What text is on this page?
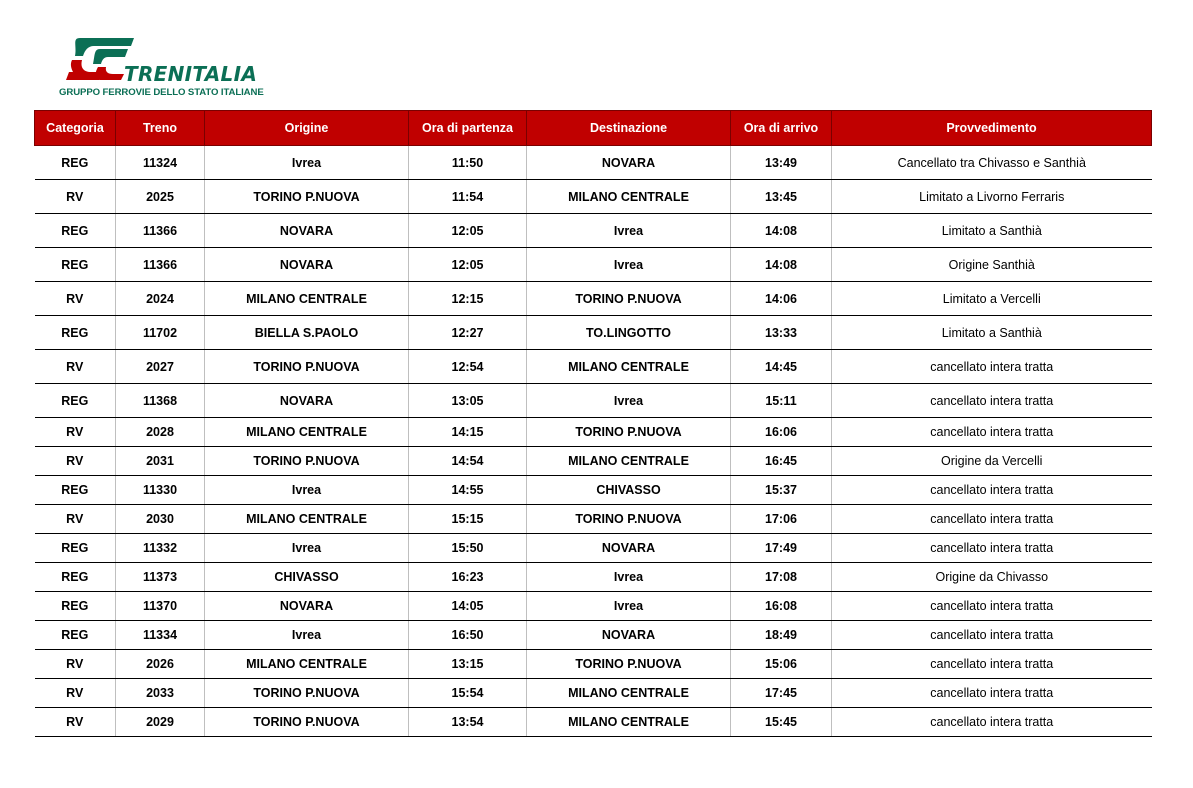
TRENITALIA
GRUPPO FERROVIE DELLO STATO ITALIANE
Categoria	Treno	Origine	Ora di partenza	Destinazione	Ora di arrivo	Provvedimento
REG	11324	Ivrea	11:50	NOVARA	13:49	Cancellato tra Chivasso e Santhià
RV	2025	TORINO P.NUOVA	11:54	MILANO CENTRALE	13:45	Limitato a Livorno Ferraris
REG	11366	NOVARA	12:05	Ivrea	14:08	Limitato a Santhià
REG	11366	NOVARA	12:05	Ivrea	14:08	Origine Santhià
RV	2024	MILANO CENTRALE	12:15	TORINO P.NUOVA	14:06	Limitato a Vercelli
REG	11702	BIELLA S.PAOLO	12:27	TO.LINGOTTO	13:33	Limitato a Santhià
RV	2027	TORINO P.NUOVA	12:54	MILANO CENTRALE	14:45	cancellato intera tratta
REG	11368	NOVARA	13:05	Ivrea	15:11	cancellato intera tratta
RV	2028	MILANO CENTRALE	14:15	TORINO P.NUOVA	16:06	cancellato intera tratta
RV	2031	TORINO P.NUOVA	14:54	MILANO CENTRALE	16:45	Origine da Vercelli
REG	11330	Ivrea	14:55	CHIVASSO	15:37	cancellato intera tratta
RV	2030	MILANO CENTRALE	15:15	TORINO P.NUOVA	17:06	cancellato intera tratta
REG	11332	Ivrea	15:50	NOVARA	17:49	cancellato intera tratta
REG	11373	CHIVASSO	16:23	Ivrea	17:08	Origine da Chivasso
REG	11370	NOVARA	14:05	Ivrea	16:08	cancellato intera tratta
REG	11334	Ivrea	16:50	NOVARA	18:49	cancellato intera tratta
RV	2026	MILANO CENTRALE	13:15	TORINO P.NUOVA	15:06	cancellato intera tratta
RV	2033	TORINO P.NUOVA	15:54	MILANO CENTRALE	17:45	cancellato intera tratta
RV	2029	TORINO P.NUOVA	13:54	MILANO CENTRALE	15:45	cancellato intera tratta
